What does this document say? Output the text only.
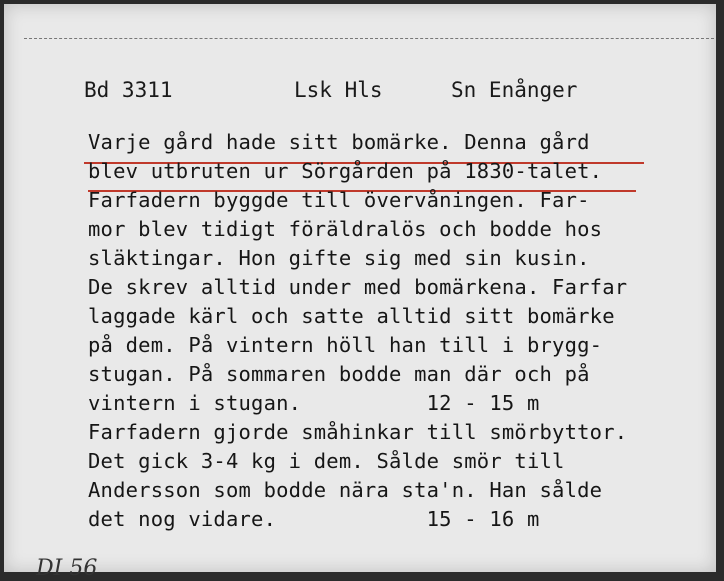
Bd 3311	Lsk Hls	Sn Enånger
Varje gård hade sitt bomärke. Denna gård
blev utbruten ur Sörgården på 1830-talet.
Farfadern byggde till övervåningen. Far-
mor blev tidigt föräldralös och bodde hos
släktingar. Hon gifte sig med sin kusin.
De skrev alltid under med bomärkena. Farfar
laggade kärl och satte alltid sitt bomärke
på dem. På vintern höll han till i brygg-
stugan. På sommaren bodde man där och på
vintern i stugan.          12 - 15 m
Farfadern gjorde småhinkar till smörbyttor.
Det gick 3-4 kg i dem. Sålde smör till
Andersson som bodde nära sta'n. Han sålde
det nog vidare.            15 - 16 m
DI 56
